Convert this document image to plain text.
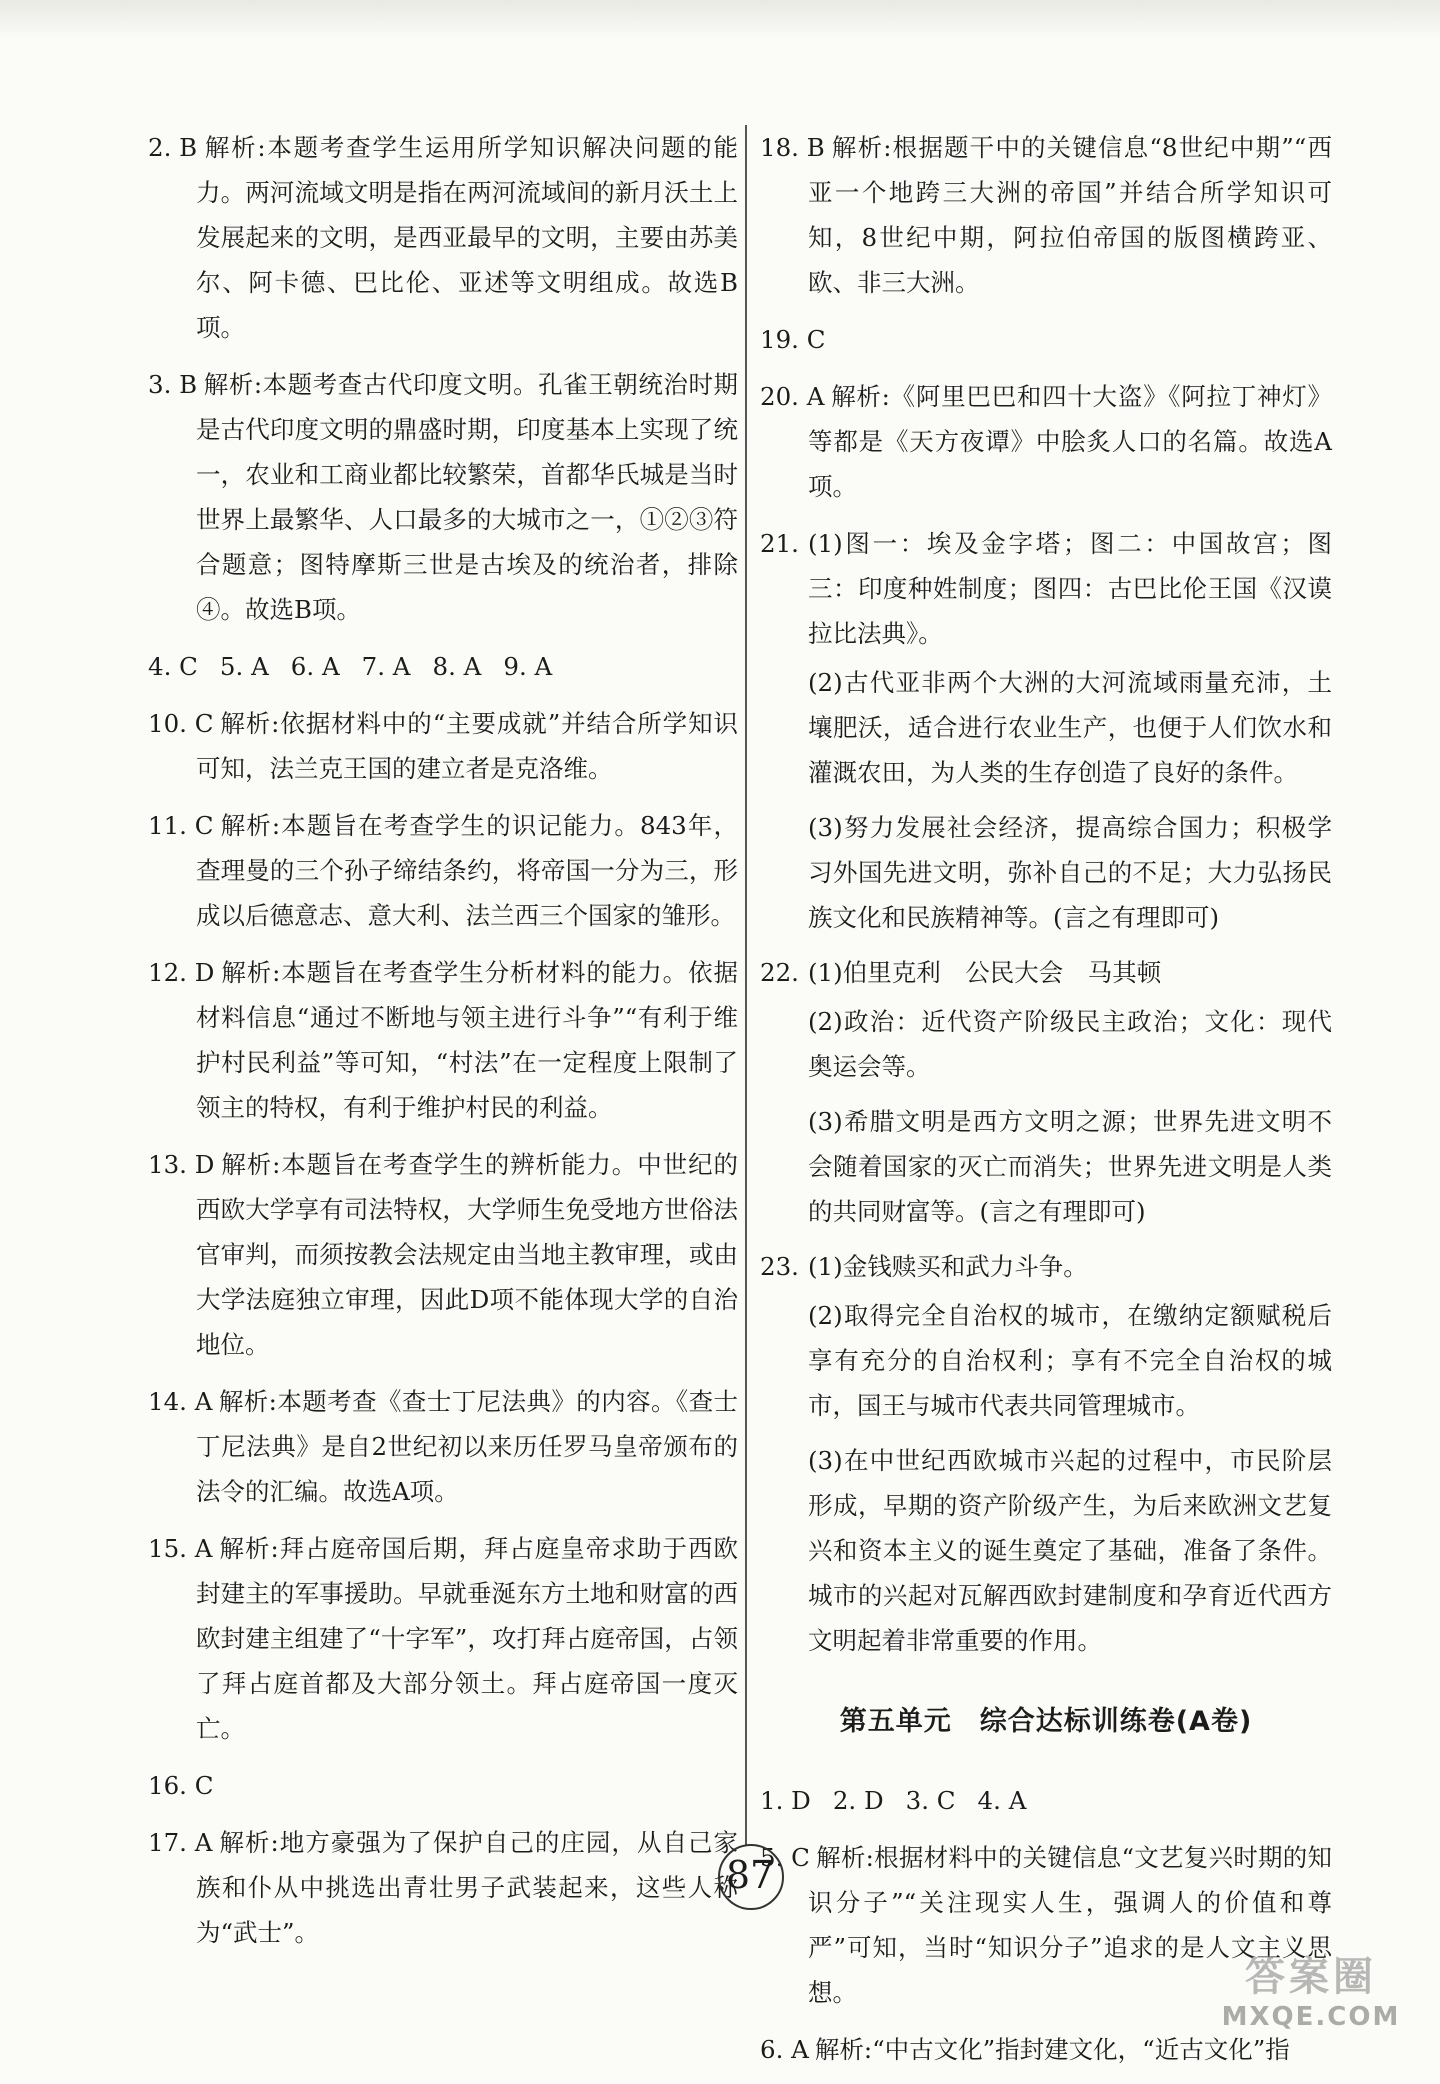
2. B 解析:本题考查学生运用所学知识解决问题的能力。两河流域文明是指在两河流域间的新月沃土上发展起来的文明，是西亚最早的文明，主要由苏美尔、阿卡德、巴比伦、亚述等文明组成。故选B项。
3. B 解析:本题考查古代印度文明。孔雀王朝统治时期是古代印度文明的鼎盛时期，印度基本上实现了统一，农业和工商业都比较繁荣，首都华氏城是当时世界上最繁华、人口最多的大城市之一，①②③符合题意；图特摩斯三世是古埃及的统治者，排除④。故选B项。
4. C 5. A 6. A 7. A 8. A 9. A
10. C 解析:依据材料中的“主要成就”并结合所学知识可知，法兰克王国的建立者是克洛维。
11. C 解析:本题旨在考查学生的识记能力。843年，查理曼的三个孙子缔结条约，将帝国一分为三，形成以后德意志、意大利、法兰西三个国家的雏形。
12. D 解析:本题旨在考查学生分析材料的能力。依据材料信息“通过不断地与领主进行斗争”“有利于维护村民利益”等可知，“村法”在一定程度上限制了领主的特权，有利于维护村民的利益。
13. D 解析:本题旨在考查学生的辨析能力。中世纪的西欧大学享有司法特权，大学师生免受地方世俗法官审判，而须按教会法规定由当地主教审理，或由大学法庭独立审理，因此D项不能体现大学的自治地位。
14. A 解析:本题考查《查士丁尼法典》的内容。《查士丁尼法典》是自2世纪初以来历任罗马皇帝颁布的法令的汇编。故选A项。
15. A 解析:拜占庭帝国后期，拜占庭皇帝求助于西欧封建主的军事援助。早就垂涎东方土地和财富的西欧封建主组建了“十字军”，攻打拜占庭帝国，占领了拜占庭首都及大部分领土。拜占庭帝国一度灭亡。
16. C
17. A 解析:地方豪强为了保护自己的庄园，从自己家族和仆从中挑选出青壮男子武装起来，这些人称为“武士”。
18. B 解析:根据题干中的关键信息“8世纪中期”“西亚一个地跨三大洲的帝国”并结合所学知识可知，8世纪中期，阿拉伯帝国的版图横跨亚、欧、非三大洲。
19. C
20. A 解析:《阿里巴巴和四十大盗》《阿拉丁神灯》等都是《天方夜谭》中脍炙人口的名篇。故选A项。
21. (1)图一：埃及金字塔；图二：中国故宫；图三：印度种姓制度；图四：古巴比伦王国《汉谟拉比法典》。
(2)古代亚非两个大洲的大河流域雨量充沛，土壤肥沃，适合进行农业生产，也便于人们饮水和灌溉农田，为人类的生存创造了良好的条件。
(3)努力发展社会经济，提高综合国力；积极学习外国先进文明，弥补自己的不足；大力弘扬民族文化和民族精神等。(言之有理即可)
22. (1)伯里克利　公民大会　马其顿
(2)政治：近代资产阶级民主政治；文化：现代奥运会等。
(3)希腊文明是西方文明之源；世界先进文明不会随着国家的灭亡而消失；世界先进文明是人类的共同财富等。(言之有理即可)
23. (1)金钱赎买和武力斗争。
(2)取得完全自治权的城市，在缴纳定额赋税后享有充分的自治权利；享有不完全自治权的城市，国王与城市代表共同管理城市。
(3)在中世纪西欧城市兴起的过程中，市民阶层形成，早期的资产阶级产生，为后来欧洲文艺复兴和资本主义的诞生奠定了基础，准备了条件。城市的兴起对瓦解西欧封建制度和孕育近代西方文明起着非常重要的作用。
第五单元　综合达标训练卷(A卷)
1. D 2. D 3. C 4. A
5. C 解析:根据材料中的关键信息“文艺复兴时期的知识分子”“关注现实人生，强调人的价值和尊严”可知，当时“知识分子”追求的是人文主义思想。
6. A 解析:“中古文化”指封建文化，“近古文化”指
87
答案圈
MXQE.COM
